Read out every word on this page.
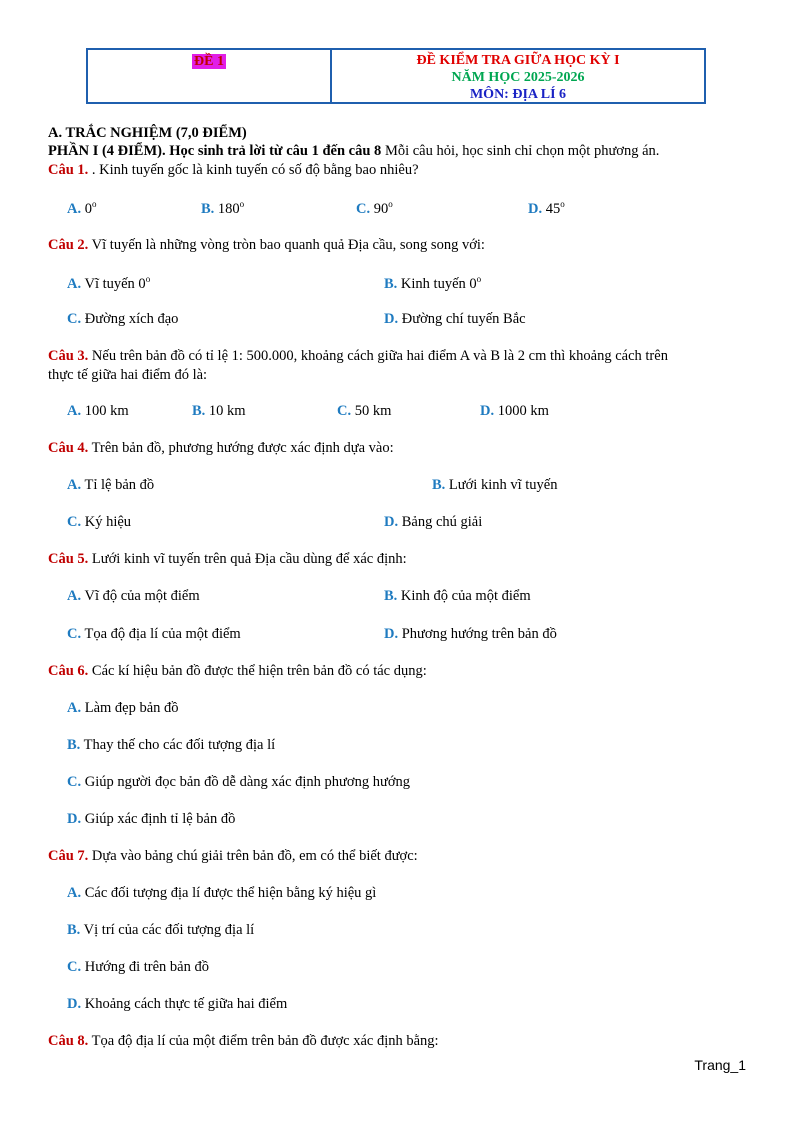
ĐỀ 1	ĐỀ KIỂM TRA GIỮA HỌC KỲ I
NĂM HỌC 2025-2026
MÔN: ĐỊA LÍ 6
A. TRẮC NGHIỆM (7,0 ĐIỂM)
PHẦN I (4 ĐIỂM). Học sinh trả lời từ câu 1 đến câu 8 Mỗi câu hỏi, học sinh chỉ chọn một phương án.
Câu 1. . Kinh tuyến gốc là kinh tuyến có số độ bằng bao nhiêu?
A. 0$^o$	B. 180$^o$	C. 90$^o$	D. 45$^o$
Câu 2. Vĩ tuyến là những vòng tròn bao quanh quả Địa cầu, song song với:
A. Vĩ tuyến 0$^o$	B. Kinh tuyến 0$^o$
C. Đường xích đạo	D. Đường chí tuyến Bắc
Câu 3. Nếu trên bản đồ có tỉ lệ 1: 500.000, khoảng cách giữa hai điểm A và B là 2 cm thì khoảng cách trên
thực tế giữa hai điểm đó là:
A. 100 km	B. 10 km	C. 50 km	D. 1000 km
Câu 4. Trên bản đồ, phương hướng được xác định dựa vào:
A. Tỉ lệ bản đồ	B. Lưới kinh vĩ tuyến
C. Ký hiệu	D. Bảng chú giải
Câu 5. Lưới kinh vĩ tuyến trên quả Địa cầu dùng để xác định:
A. Vĩ độ của một điểm	B. Kinh độ của một điểm
C. Tọa độ địa lí của một điểm	D. Phương hướng trên bản đồ
Câu 6. Các kí hiệu bản đồ được thể hiện trên bản đồ có tác dụng:
A. Làm đẹp bản đồ
B. Thay thế cho các đối tượng địa lí
C. Giúp người đọc bản đồ dễ dàng xác định phương hướng
D. Giúp xác định tỉ lệ bản đồ
Câu 7. Dựa vào bảng chú giải trên bản đồ, em có thể biết được:
A. Các đối tượng địa lí được thể hiện bằng ký hiệu gì
B. Vị trí của các đối tượng địa lí
C. Hướng đi trên bản đồ
D. Khoảng cách thực tế giữa hai điểm
Câu 8. Tọa độ địa lí của một điểm trên bản đồ được xác định bằng:
Trang_1
